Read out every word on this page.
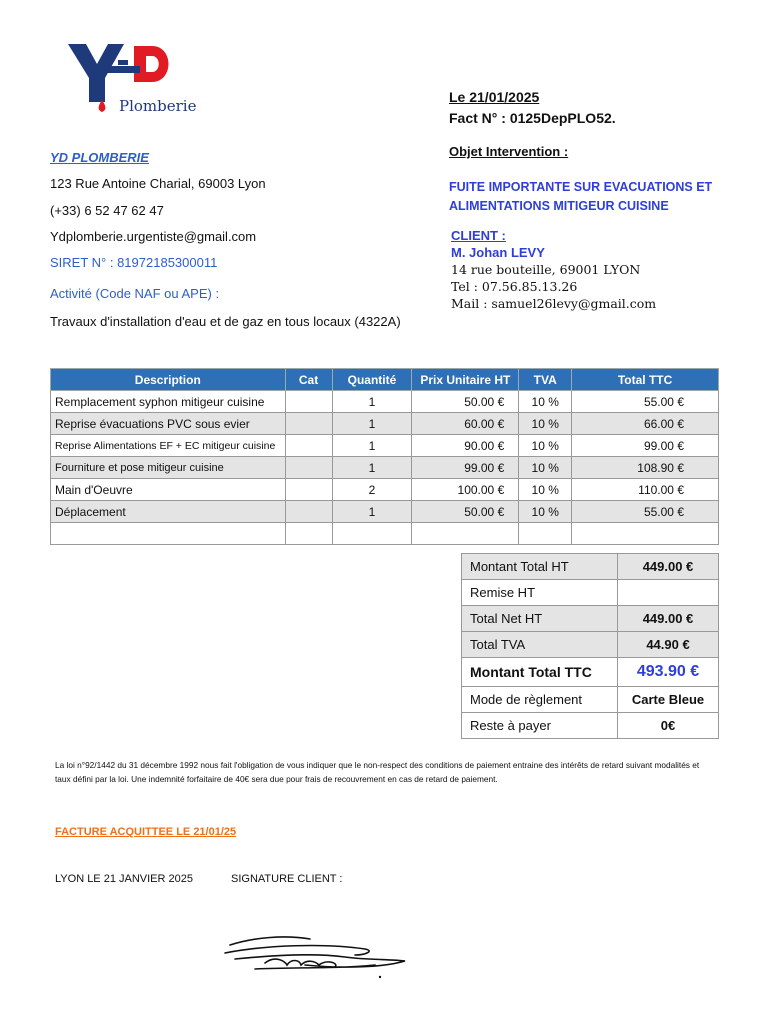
Plomberie
YD PLOMBERIE
123 Rue Antoine Charial, 69003 Lyon
(+33) 6 52 47 62 47
Ydplomberie.urgentiste@gmail.com
SIRET N° : 81972185300011
Activité (Code NAF ou APE) :
Travaux d'installation d'eau et de gaz en tous locaux (4322A)
Le 21/01/2025
Fact N° : 0125DepPLO52.
Objet Intervention :
FUITE IMPORTANTE SUR EVACUATIONS ET ALIMENTATIONS MITIGEUR CUISINE
CLIENT :
M. Johan LEVY
14 rue bouteille, 69001 LYON
Tel : 07.56.85.13.26
Mail : samuel26levy@gmail.com
Description	Cat	Quantité	Prix Unitaire HT	TVA	Total TTC
Remplacement syphon mitigeur cuisine		1	50.00 €	10 %	55.00 €
Reprise évacuations PVC sous evier		1	60.00 €	10 %	66.00 €
Reprise Alimentations EF + EC mitigeur cuisine		1	90.00 €	10 %	99.00 €
Fourniture et pose mitigeur cuisine		1	99.00 €	10 %	108.90 €
Main d'Oeuvre		2	100.00 €	10 %	110.00 €
Déplacement		1	50.00 €	10 %	55.00 €

Montant Total HT	449.00 €
Remise HT	
Total Net HT	449.00 €
Total TVA	44.90 €
Montant Total TTC	493.90 €
Mode de règlement	Carte Bleue
Reste à payer	0€
La loi n°92/1442 du 31 décembre 1992 nous fait l'obligation de vous indiquer que le non-respect des conditions de paiement entraine des intérêts de retard suivant modalités et taux défini par la loi. Une indemnité forfaitaire de 40€ sera due pour frais de recouvrement en cas de retard de paiement.
FACTURE ACQUITTEE LE 21/01/25
LYON LE 21 JANVIER 2025	SIGNATURE CLIENT :
